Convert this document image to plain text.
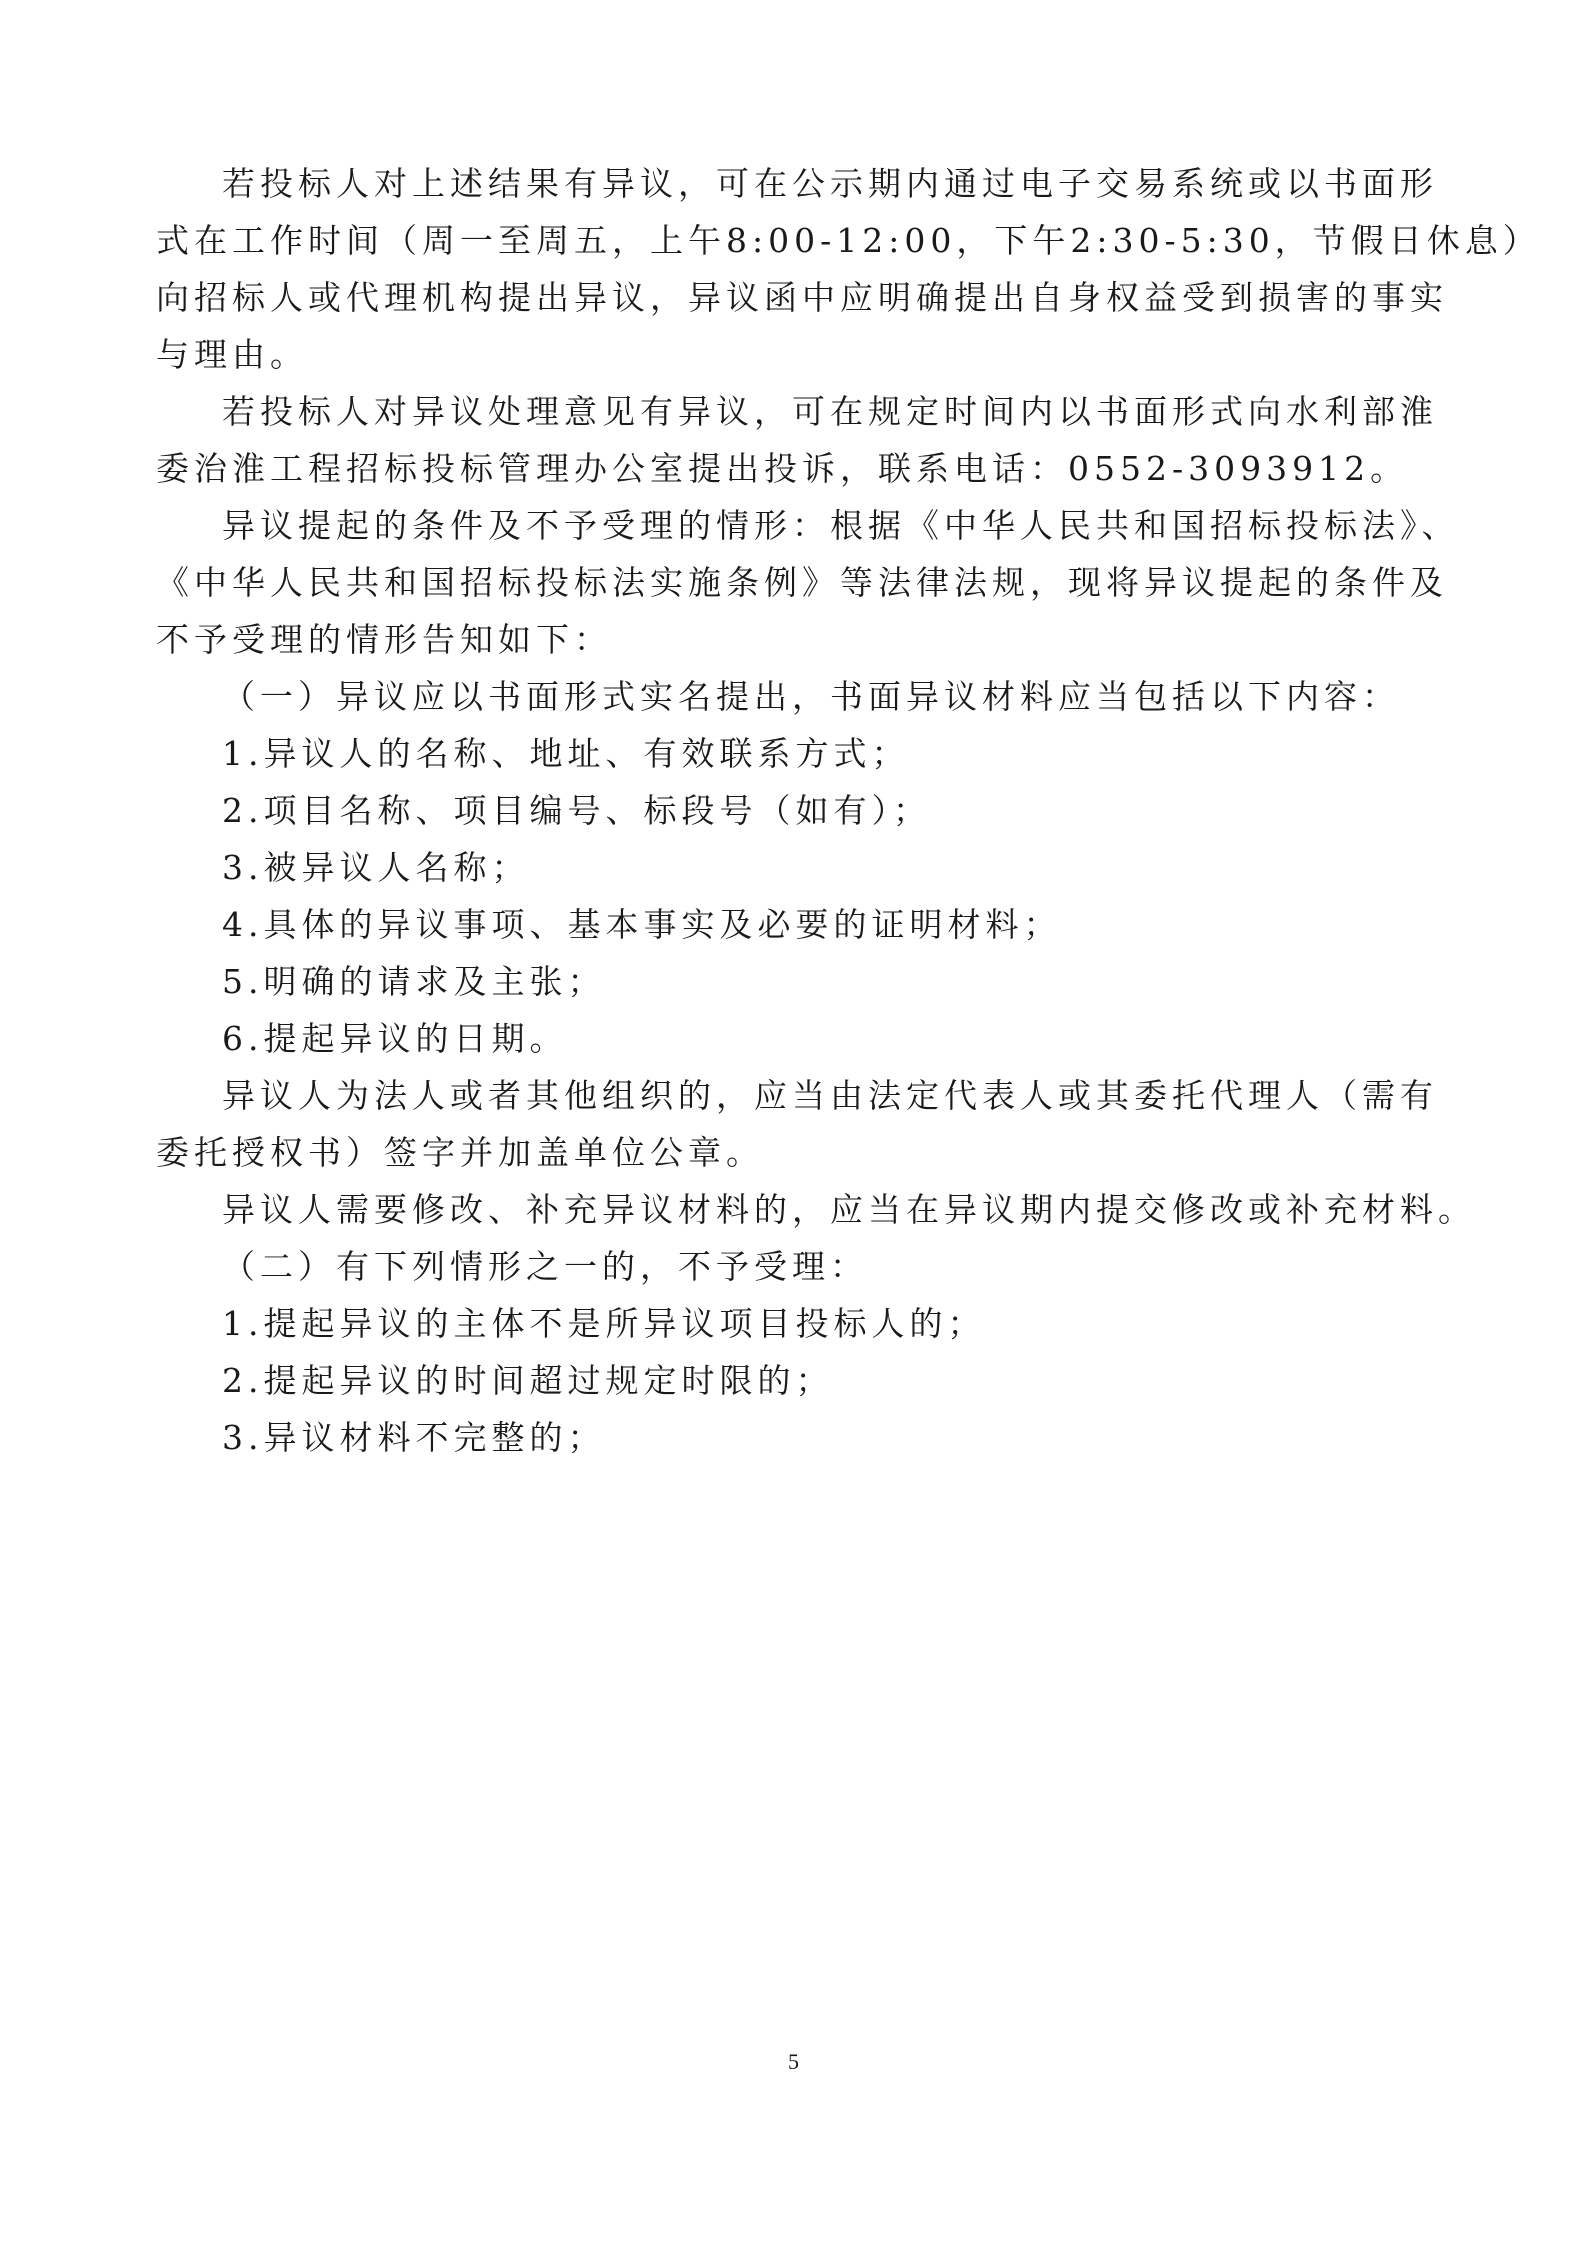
若投标人对上述结果有异议，可在公示期内通过电子交易系统或以书面形
式在工作时间（周一至周五，上午8:00-12:00，下午2:30-5:30，节假日休息）
向招标人或代理机构提出异议，异议函中应明确提出自身权益受到损害的事实
与理由。
若投标人对异议处理意见有异议，可在规定时间内以书面形式向水利部淮
委治淮工程招标投标管理办公室提出投诉，联系电话：0552-3093912。
异议提起的条件及不予受理的情形：根据《中华人民共和国招标投标法》、
《中华人民共和国招标投标法实施条例》等法律法规，现将异议提起的条件及
不予受理的情形告知如下：
（一）异议应以书面形式实名提出，书面异议材料应当包括以下内容：
1.异议人的名称、地址、有效联系方式；
2.项目名称、项目编号、标段号（如有）；
3.被异议人名称；
4.具体的异议事项、基本事实及必要的证明材料；
5.明确的请求及主张；
6.提起异议的日期。
异议人为法人或者其他组织的，应当由法定代表人或其委托代理人（需有
委托授权书）签字并加盖单位公章。
异议人需要修改、补充异议材料的，应当在异议期内提交修改或补充材料。
（二）有下列情形之一的，不予受理：
1.提起异议的主体不是所异议项目投标人的；
2.提起异议的时间超过规定时限的；
3.异议材料不完整的；
5
